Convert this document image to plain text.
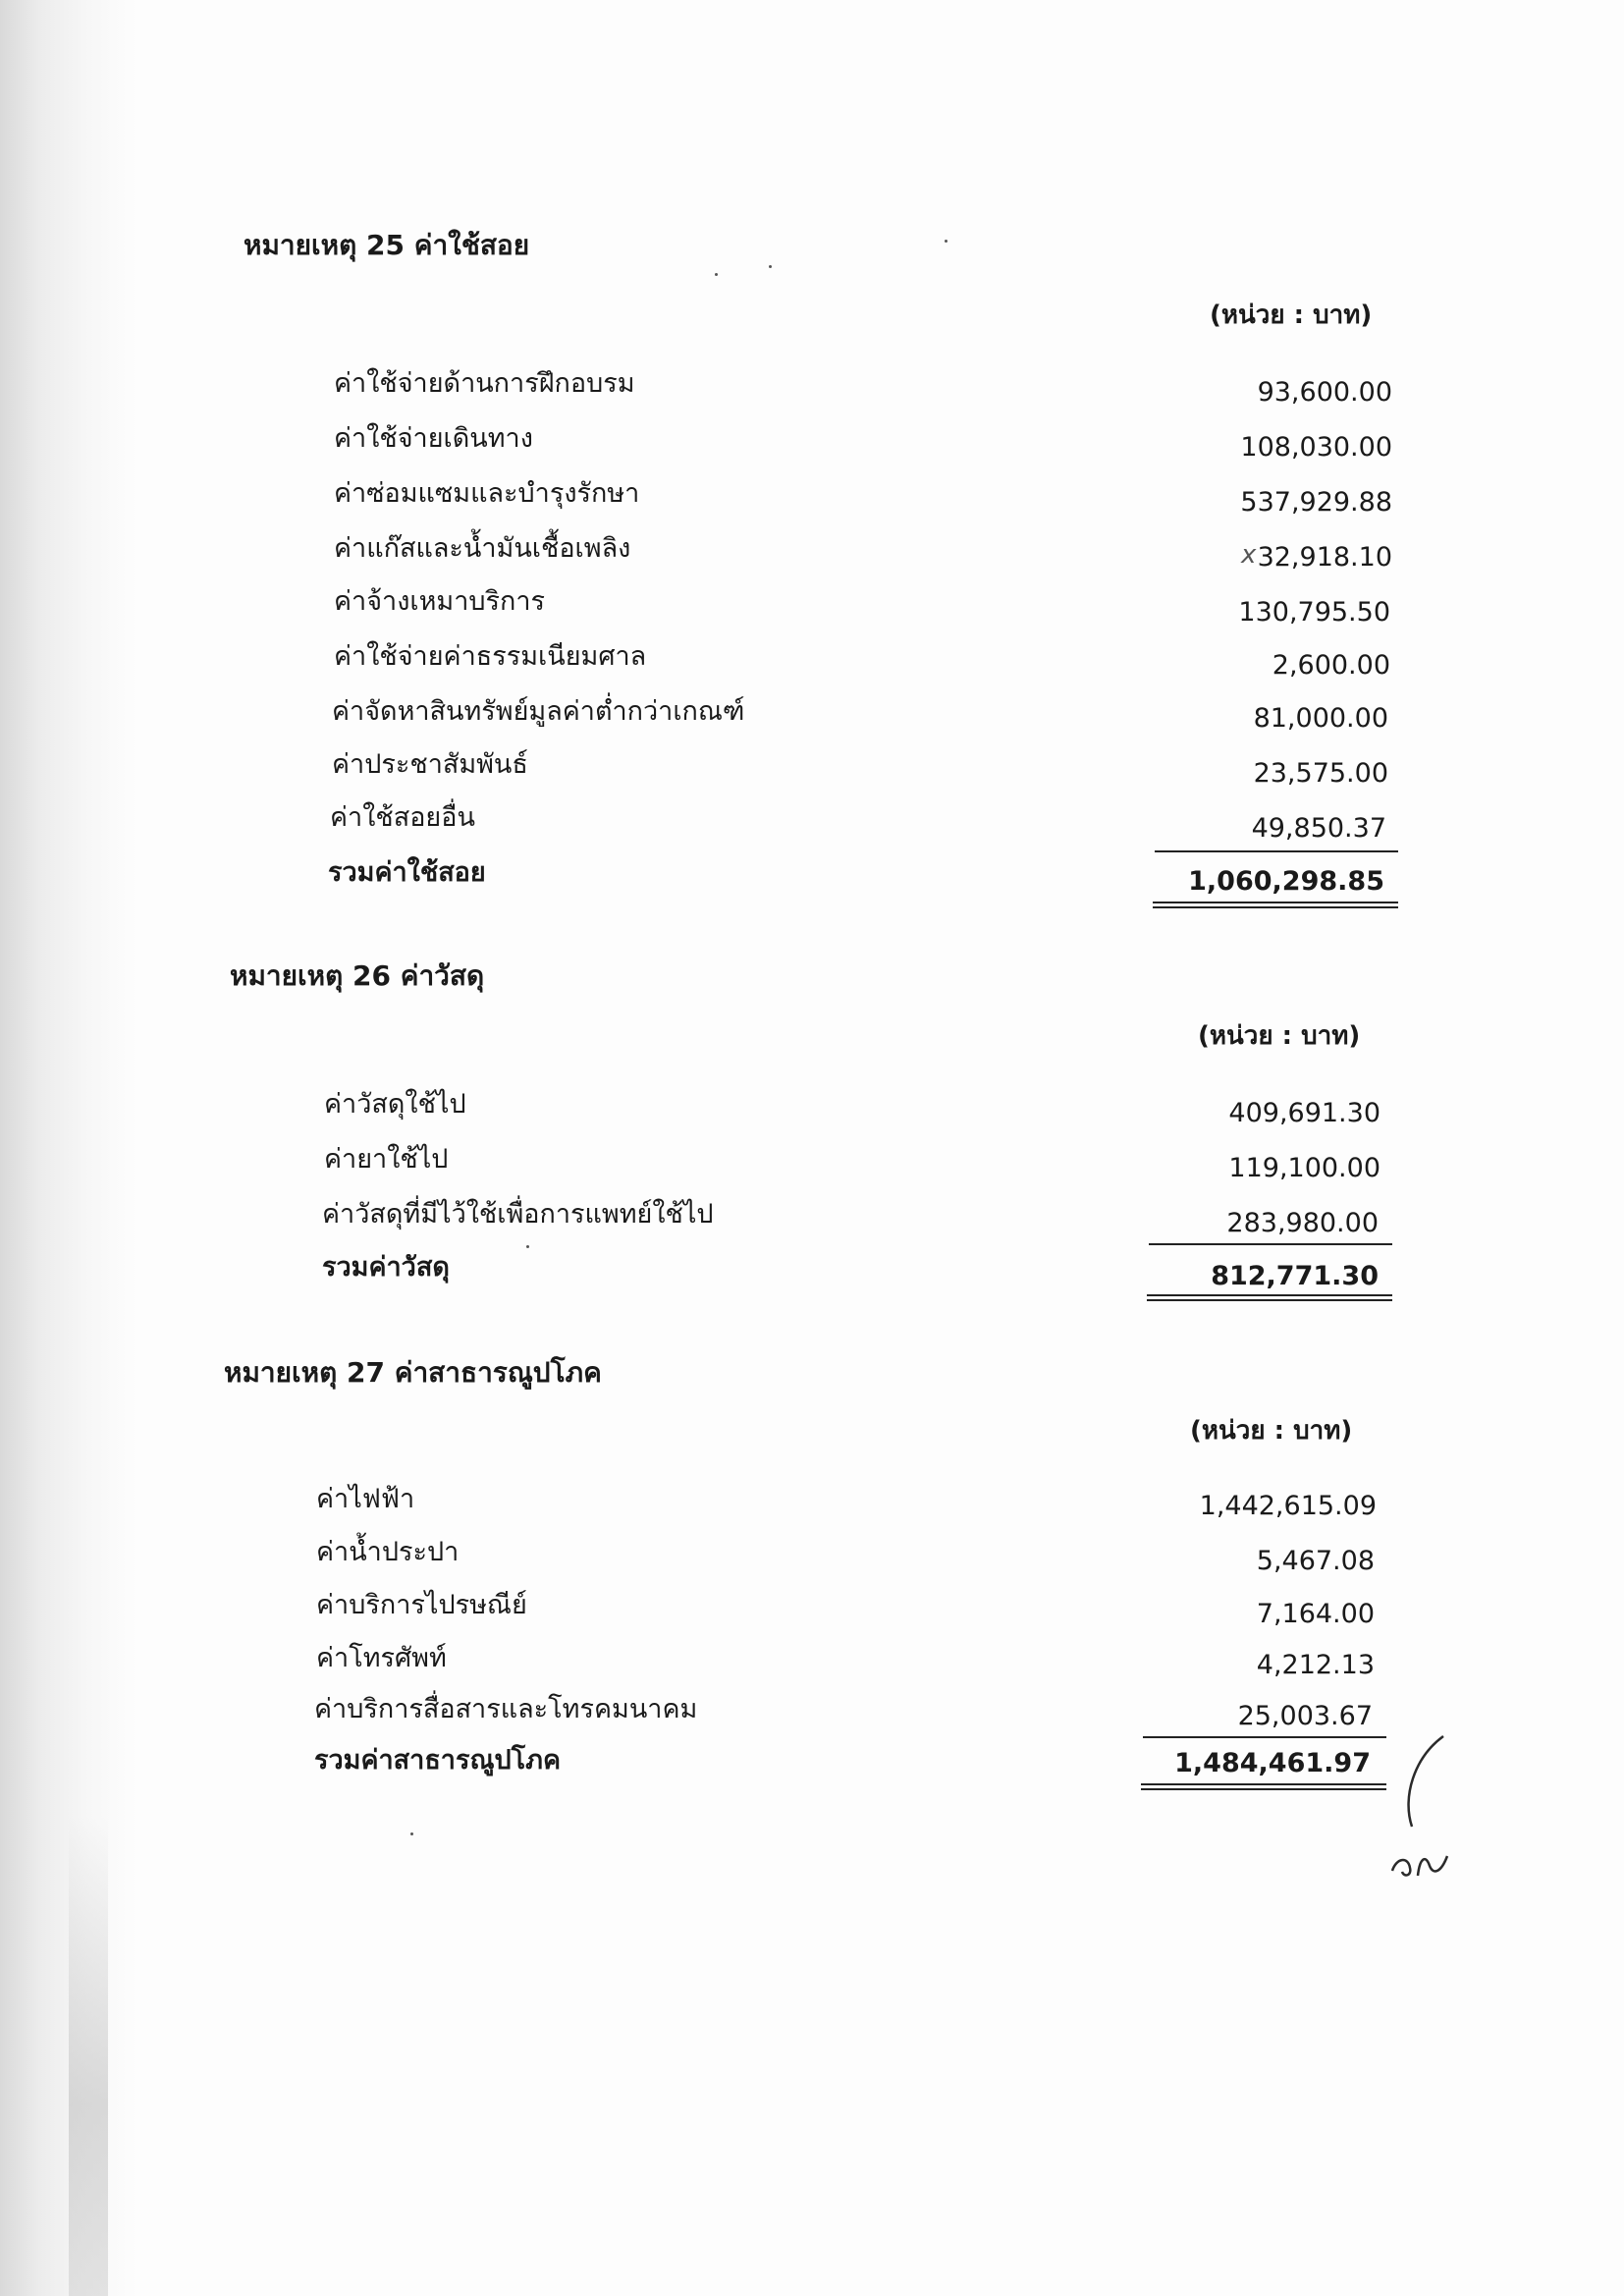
หมายเหตุ 25 ค่าใช้สอย
(หน่วย : บาท)
ค่าใช้จ่ายด้านการฝึกอบรม	93,600.00
ค่าใช้จ่ายเดินทาง	108,030.00
ค่าซ่อมแซมและบำรุงรักษา	537,929.88
ค่าแก๊สและน้ำมันเชื้อเพลิง	x 32,918.10
ค่าจ้างเหมาบริการ	130,795.50
ค่าใช้จ่ายค่าธรรมเนียมศาล	2,600.00
ค่าจัดหาสินทรัพย์มูลค่าต่ำกว่าเกณฑ์	81,000.00
ค่าประชาสัมพันธ์	23,575.00
ค่าใช้สอยอื่น	49,850.37
รวมค่าใช้สอย	1,060,298.85
หมายเหตุ 26 ค่าวัสดุ
(หน่วย : บาท)
ค่าวัสดุใช้ไป	409,691.30
ค่ายาใช้ไป	119,100.00
ค่าวัสดุที่มีไว้ใช้เพื่อการแพทย์ใช้ไป	283,980.00
รวมค่าวัสดุ	812,771.30
หมายเหตุ 27 ค่าสาธารณูปโภค
(หน่วย : บาท)
ค่าไฟฟ้า	1,442,615.09
ค่าน้ำประปา	5,467.08
ค่าบริการไปรษณีย์	7,164.00
ค่าโทรศัพท์	4,212.13
ค่าบริการสื่อสารและโทรคมนาคม	25,003.67
รวมค่าสาธารณูปโภค	1,484,461.97
